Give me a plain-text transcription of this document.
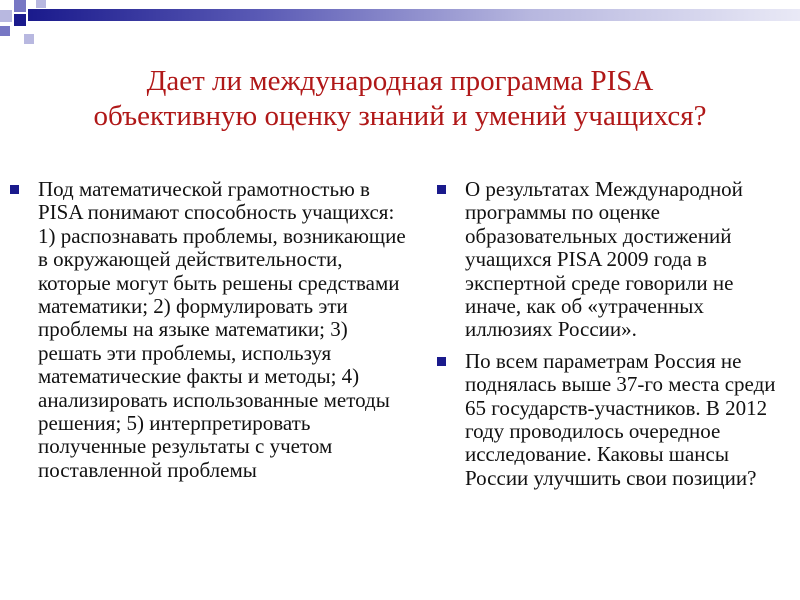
Дает ли международная программа PISA
объективную оценку знаний и умений учащихся?
Под математической грамотностью в PISA понимают способность учащихся: 1) распознавать проблемы, возникающие в окружающей действительности, которые могут быть решены средствами математики; 2) формулировать эти проблемы на языке математики; 3) решать эти проблемы, используя математические факты и методы; 4) анализировать использованные методы решения; 5) интерпретировать полученные результаты с учетом поставленной проблемы
О результатах Международной программы по оценке образовательных достижений учащихся PISA 2009 года в экспертной среде говорили не иначе, как об «утраченных иллюзиях России».
По всем параметрам Россия не поднялась выше 37-го места среди 65 государств-участников. В 2012 году проводилось очередное исследование. Каковы шансы России улучшить свои позиции?
